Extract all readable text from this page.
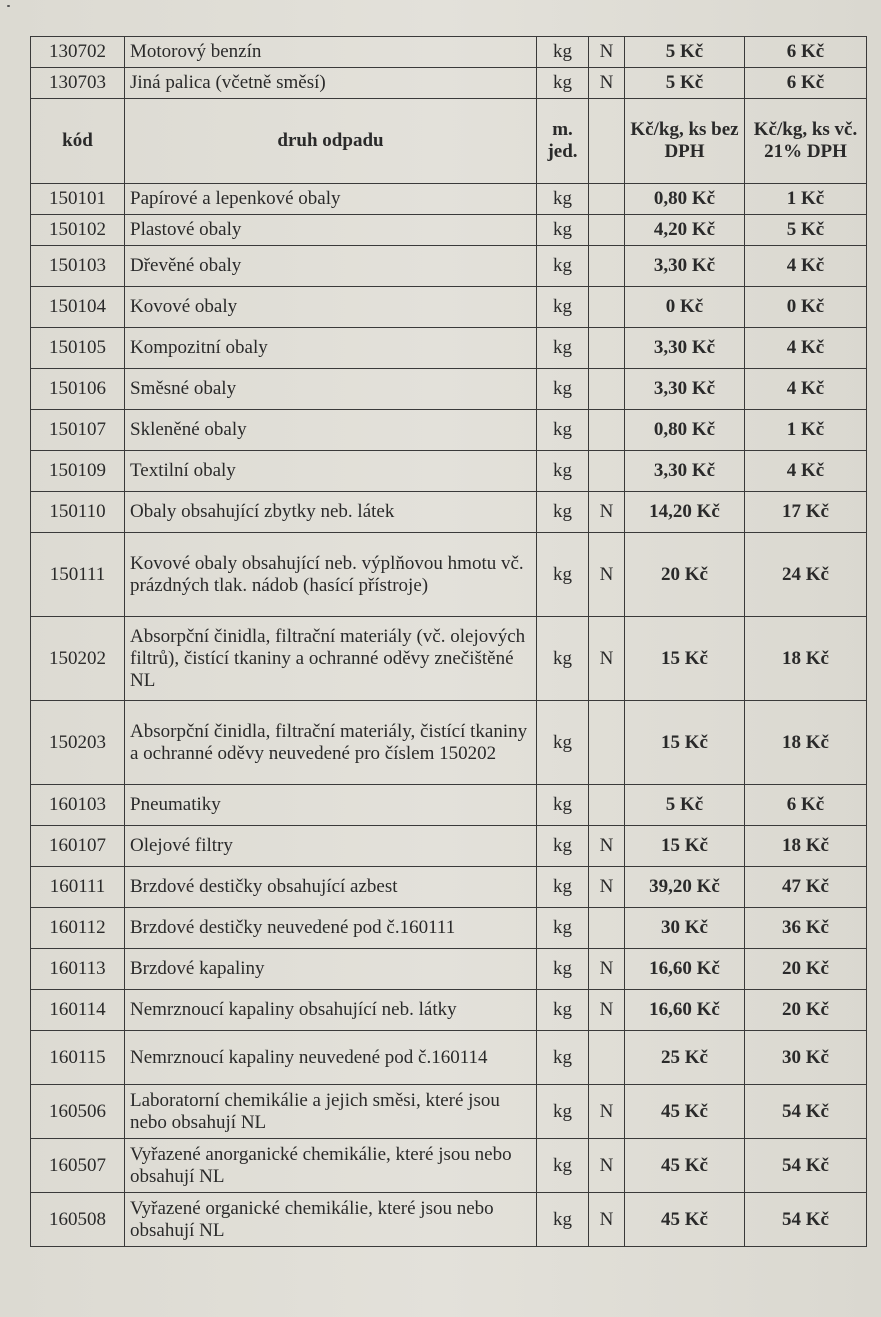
130702	Motorový benzín	kg	N	5 Kč	6 Kč
130703	Jiná palica (včetně směsí)	kg	N	5 Kč	6 Kč
kód	druh odpadu	m. jed.		Kč/kg, ks bez DPH	Kč/kg, ks vč. 21% DPH
150101	Papírové a lepenkové obaly	kg		0,80 Kč	1 Kč
150102	Plastové obaly	kg		4,20 Kč	5 Kč
150103	Dřevěné obaly	kg		3,30 Kč	4 Kč
150104	Kovové obaly	kg		0 Kč	0 Kč
150105	Kompozitní obaly	kg		3,30 Kč	4 Kč
150106	Směsné obaly	kg		3,30 Kč	4 Kč
150107	Skleněné obaly	kg		0,80 Kč	1 Kč
150109	Textilní obaly	kg		3,30 Kč	4 Kč
150110	Obaly obsahující zbytky neb. látek	kg	N	14,20 Kč	17 Kč
150111	Kovové obaly obsahující neb. výplňovou hmotu vč. prázdných tlak. nádob (hasící přístroje)	kg	N	20 Kč	24 Kč
150202	Absorpční činidla, filtrační materiály (vč. olejových filtrů), čistící tkaniny a ochranné oděvy znečištěné NL	kg	N	15 Kč	18 Kč
150203	Absorpční činidla, filtrační materiály, čistící tkaniny a ochranné oděvy neuvedené pro číslem 150202	kg		15 Kč	18 Kč
160103	Pneumatiky	kg		5 Kč	6 Kč
160107	Olejové filtry	kg	N	15 Kč	18 Kč
160111	Brzdové destičky obsahující azbest	kg	N	39,20 Kč	47 Kč
160112	Brzdové destičky neuvedené pod č.160111	kg		30 Kč	36 Kč
160113	Brzdové kapaliny	kg	N	16,60 Kč	20 Kč
160114	Nemrznoucí kapaliny obsahující neb. látky	kg	N	16,60 Kč	20 Kč
160115	Nemrznoucí kapaliny neuvedené pod č.160114	kg		25 Kč	30 Kč
160506	Laboratorní chemikálie a jejich směsi, které jsou nebo obsahují NL	kg	N	45 Kč	54 Kč
160507	Vyřazené anorganické chemikálie, které jsou nebo obsahují NL	kg	N	45 Kč	54 Kč
160508	Vyřazené organické chemikálie, které jsou nebo obsahují NL	kg	N	45 Kč	54 Kč
